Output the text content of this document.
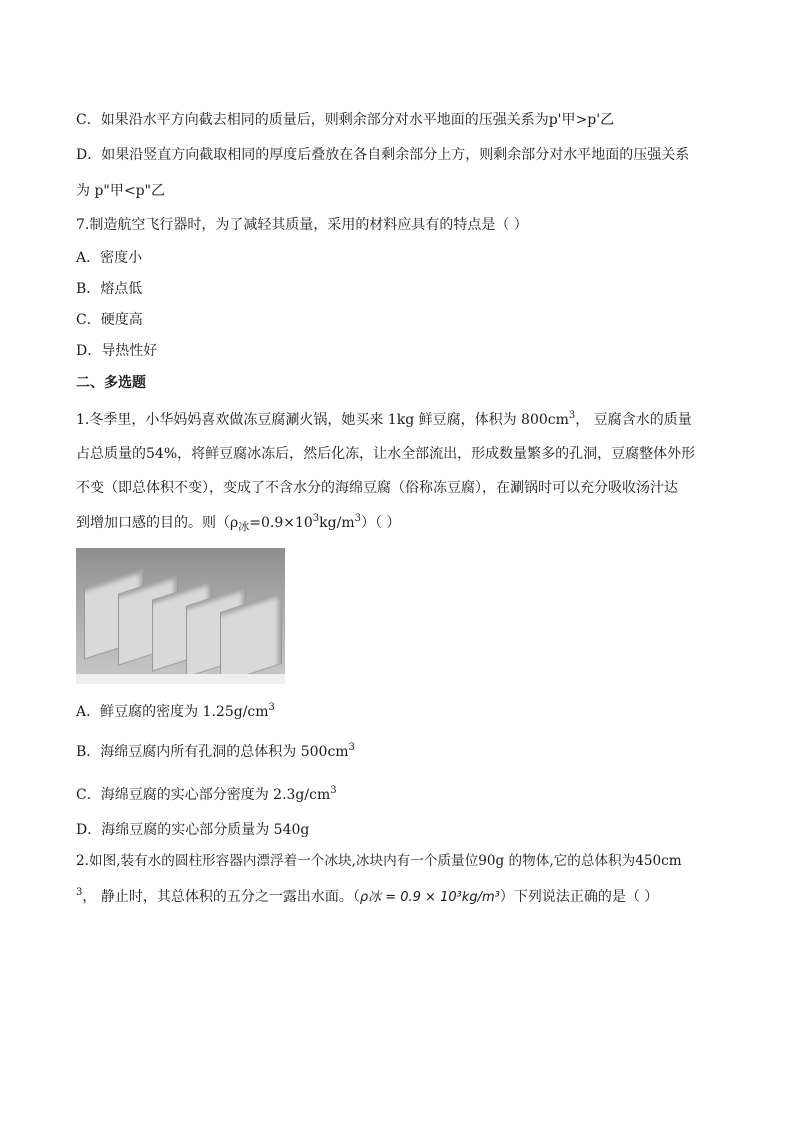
C．如果沿水平方向截去相同的质量后，则剩余部分对水平地面的压强关系为p'甲>p'乙
D．如果沿竖直方向截取相同的厚度后叠放在各自剩余部分上方，则剩余部分对水平地面的压强关系
为 p"甲<p"乙
7.制造航空飞行器时，为了减轻其质量，采用的材料应具有的特点是（ ）
A．密度小
B．熔点低
C．硬度高
D．导热性好
二、多选题
1.冬季里，小华妈妈喜欢做冻豆腐涮火锅，她买来 1kg 鲜豆腐，体积为 $800cm^3$， 豆腐含水的质量
占总质量的54%，将鲜豆腐冰冻后，然后化冻，让水全部流出，形成数量繁多的孔洞，豆腐整体外形
不变（即总体积不变），变成了不含水分的海绵豆腐（俗称冻豆腐），在涮锅时可以充分吸收汤汁达
到增加口感的目的。则$(\rho_冰=0.9\times 10^3kg/m^3)$（ ）
A．鲜豆腐的密度为 $1.25g/cm^3$
B．海绵豆腐内所有孔洞的总体积为 $500cm^3$
C．海绵豆腐的实心部分密度为 $2.3g/cm^3$
D．海绵豆腐的实心部分质量为 540g
2.如图,装有水的圆柱形容器内漂浮着一个冰块,冰块内有一个质量位90g 的物体,它的总体积为450cm
$^3$， 静止时，其总体积的五分之一露出水面。（ρ冰 = 0.9 × 10³kg/m³）下列说法正确的是（ ）
